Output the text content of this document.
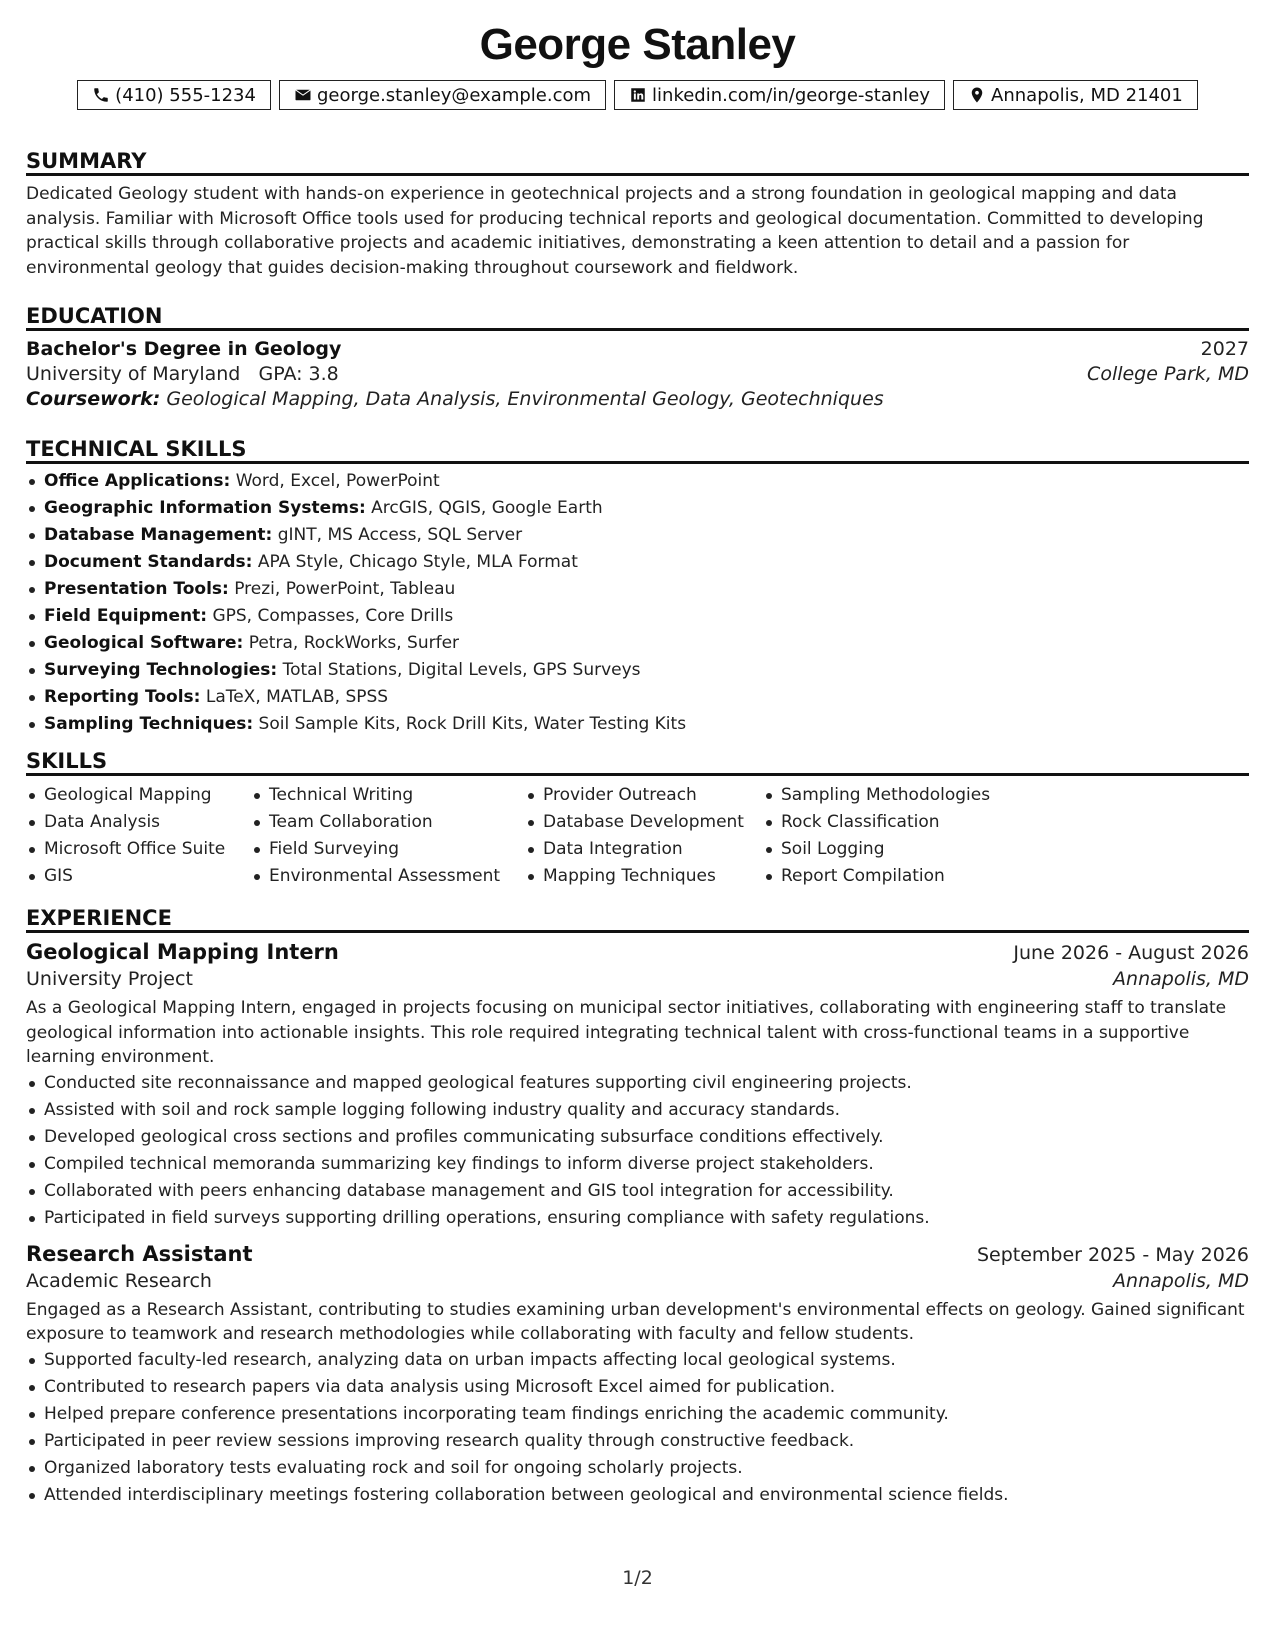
George Stanley
(410) 555-1234	george.stanley@example.com	linkedin.com/in/george-stanley	Annapolis, MD 21401
SUMMARY
Dedicated Geology student with hands-on experience in geotechnical projects and a strong foundation in geological mapping and data analysis. Familiar with Microsoft Office tools used for producing technical reports and geological documentation. Committed to developing practical skills through collaborative projects and academic initiatives, demonstrating a keen attention to detail and a passion for environmental geology that guides decision-making throughout coursework and fieldwork.
EDUCATION
Bachelor's Degree in Geology	2027
University of Maryland GPA: 3.8	College Park, MD
Coursework: Geological Mapping, Data Analysis, Environmental Geology, Geotechniques
TECHNICAL SKILLS
Office Applications: Word, Excel, PowerPoint
Geographic Information Systems: ArcGIS, QGIS, Google Earth
Database Management: gINT, MS Access, SQL Server
Document Standards: APA Style, Chicago Style, MLA Format
Presentation Tools: Prezi, PowerPoint, Tableau
Field Equipment: GPS, Compasses, Core Drills
Geological Software: Petra, RockWorks, Surfer
Surveying Technologies: Total Stations, Digital Levels, GPS Surveys
Reporting Tools: LaTeX, MATLAB, SPSS
Sampling Techniques: Soil Sample Kits, Rock Drill Kits, Water Testing Kits
SKILLS
Geological Mapping
Data Analysis
Microsoft Office Suite
GIS
Technical Writing
Team Collaboration
Field Surveying
Environmental Assessment
Provider Outreach
Database Development
Data Integration
Mapping Techniques
Sampling Methodologies
Rock Classification
Soil Logging
Report Compilation
EXPERIENCE
Geological Mapping Intern	June 2026 - August 2026
University Project	Annapolis, MD
As a Geological Mapping Intern, engaged in projects focusing on municipal sector initiatives, collaborating with engineering staff to translate geological information into actionable insights. This role required integrating technical talent with cross-functional teams in a supportive learning environment.
Conducted site reconnaissance and mapped geological features supporting civil engineering projects.
Assisted with soil and rock sample logging following industry quality and accuracy standards.
Developed geological cross sections and profiles communicating subsurface conditions effectively.
Compiled technical memoranda summarizing key findings to inform diverse project stakeholders.
Collaborated with peers enhancing database management and GIS tool integration for accessibility.
Participated in field surveys supporting drilling operations, ensuring compliance with safety regulations.
Research Assistant	September 2025 - May 2026
Academic Research	Annapolis, MD
Engaged as a Research Assistant, contributing to studies examining urban development's environmental effects on geology. Gained significant exposure to teamwork and research methodologies while collaborating with faculty and fellow students.
Supported faculty-led research, analyzing data on urban impacts affecting local geological systems.
Contributed to research papers via data analysis using Microsoft Excel aimed for publication.
Helped prepare conference presentations incorporating team findings enriching the academic community.
Participated in peer review sessions improving research quality through constructive feedback.
Organized laboratory tests evaluating rock and soil for ongoing scholarly projects.
Attended interdisciplinary meetings fostering collaboration between geological and environmental science fields.
1/2
